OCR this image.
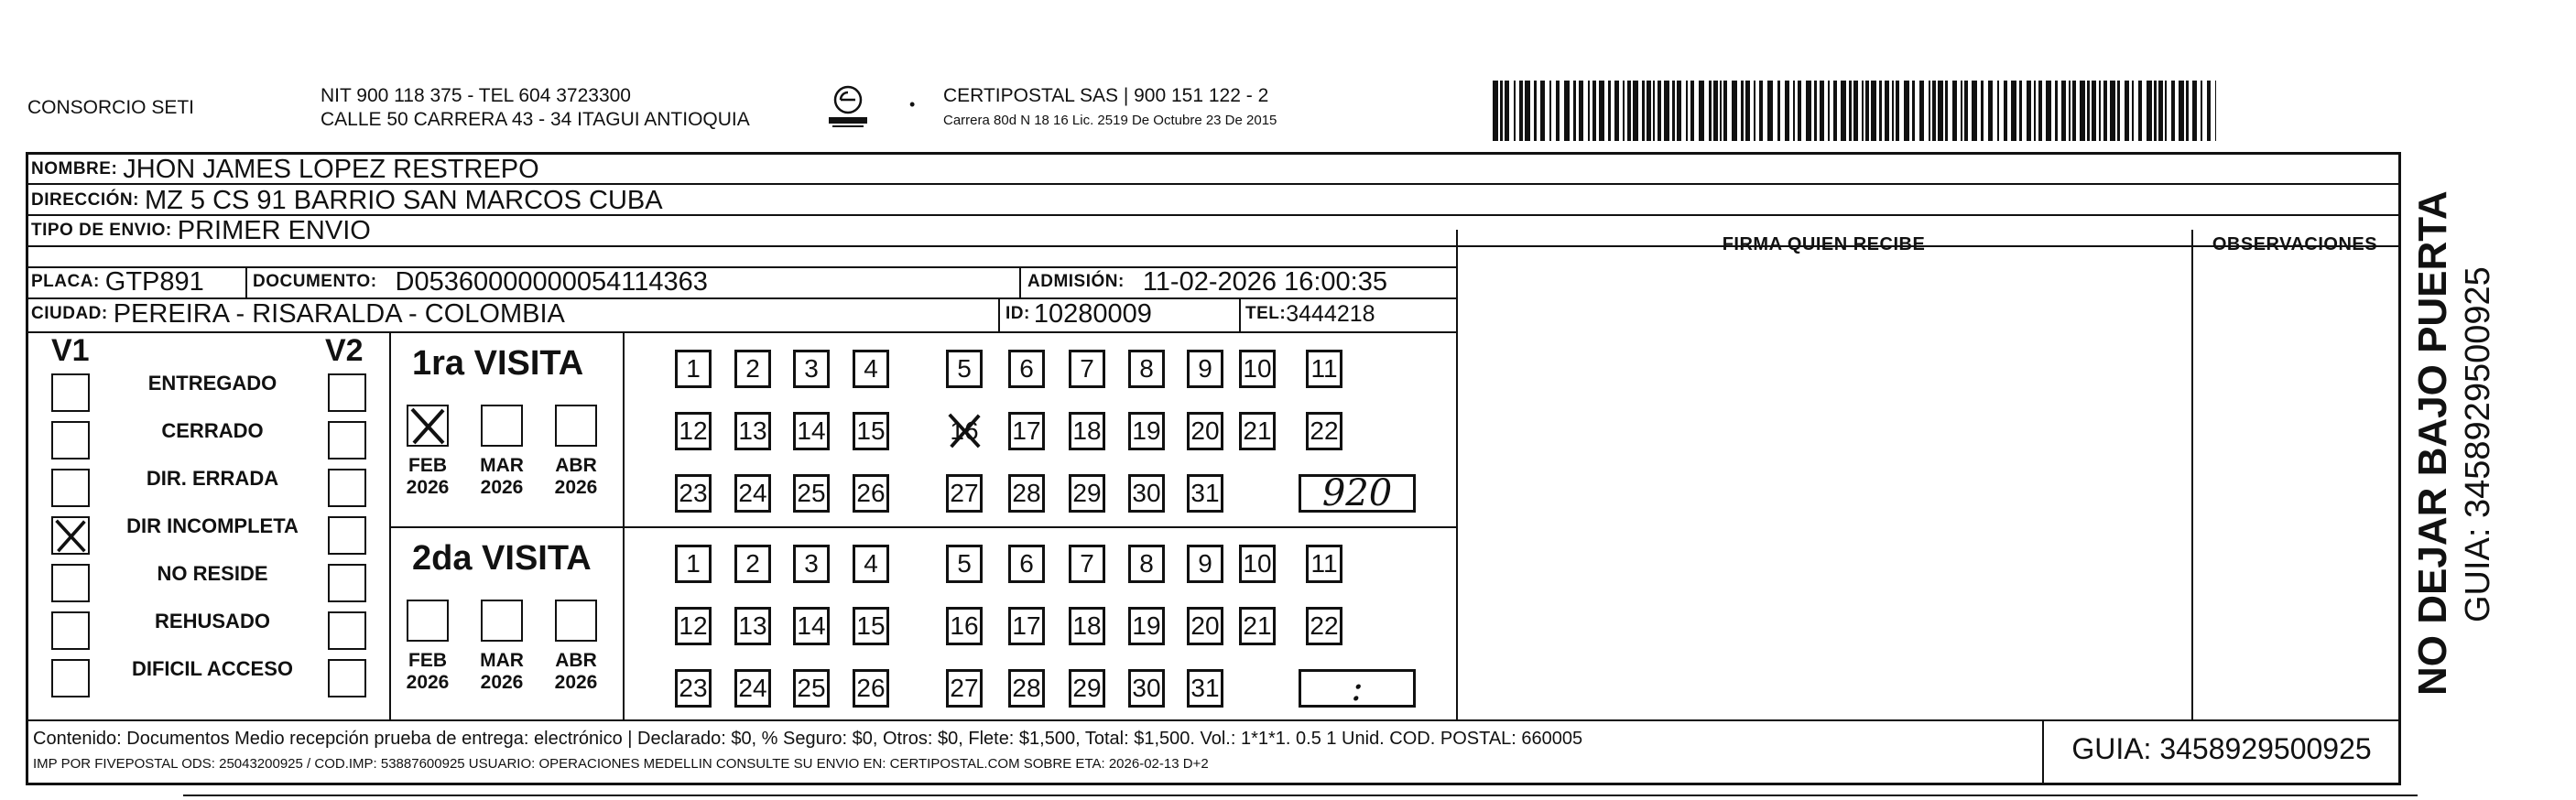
CONSORCIO SETI
NIT 900 118 375 - TEL 604 3723300
CALLE 50 CARRERA 43 - 34 ITAGUI ANTIOQUIA
• CERTIPOSTAL SAS | 900 151 122 - 2
Carrera 80d N 18 16 Lic. 2519 De Octubre 23 De 2015
NOMBRE: JHON JAMES LOPEZ RESTREPO
DIRECCIÓN: MZ 5 CS 91 BARRIO SAN MARCOS CUBA
TIPO DE ENVIO: PRIMER ENVIO	FIRMA QUIEN RECIBE	OBSERVACIONES
PLACA: GTP891	DOCUMENTO: D05360000000054114363	ADMISIÓN: 11-02-2026 16:00:35
CIUDAD: PEREIRA - RISARALDA - COLOMBIA	ID: 10280009	TEL: 3444218
V1	V2
ENTREGADO
CERRADO
DIR. ERRADA
DIR INCOMPLETA
NO RESIDE
REHUSADO
DIFICIL ACCESO
1ra VISITA
FEB
2026
MAR
2026
ABR
2026
1 2 3 4	5 6 7 8 9 10 11
12 13 14 15	16 17 18 19 20 21 22
23 24 25 26	27 28 29 30 31	920
2da VISITA
FEB
2026
MAR
2026
ABR
2026
1 2 3 4	5 6 7 8 9 10 11
12 13 14 15	16 17 18 19 20 21 22
23 24 25 26	27 28 29 30 31	:
Contenido: Documentos Medio recepción prueba de entrega: electrónico | Declarado: $0, % Seguro: $0, Otros: $0, Flete: $1,500, Total: $1,500. Vol.: 1*1*1. 0.5 1 Unid. COD. POSTAL: 660005
IMP POR FIVEPOSTAL ODS: 25043200925 / COD.IMP: 53887600925 USUARIO: OPERACIONES MEDELLIN CONSULTE SU ENVIO EN: CERTIPOSTAL.COM SOBRE ETA: 2026-02-13 D+2	GUIA: 3458929500925
NO DEJAR BAJO PUERTA GUIA: 3458929500925
